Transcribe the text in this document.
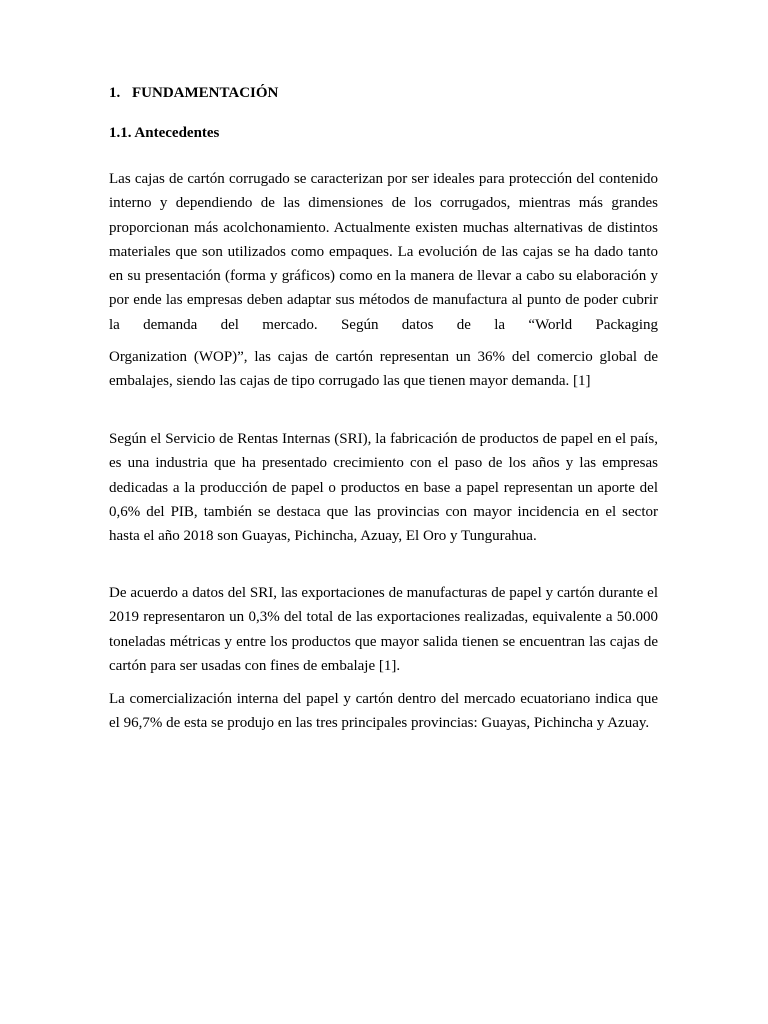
1. FUNDAMENTACIÓN
1.1. Antecedentes

Las cajas de cartón corrugado se caracterizan por ser ideales para protección del contenido interno y dependiendo de las dimensiones de los corrugados, mientras más grandes proporcionan más acolchonamiento. Actualmente existen muchas alternativas de distintos materiales que son utilizados como empaques. La evolución de las cajas se ha dado tanto en su presentación (forma y gráficos) como en la manera de llevar a cabo su elaboración y por ende las empresas deben adaptar sus métodos de manufactura al punto de poder cubrir la demanda del mercado. Según datos de la “World Packaging

Organization (WOP)”, las cajas de cartón representan un 36% del comercio global de embalajes, siendo las cajas de tipo corrugado las que tienen mayor demanda. [1]

Según el Servicio de Rentas Internas (SRI), la fabricación de productos de papel en el país, es una industria que ha presentado crecimiento con el paso de los años y las empresas dedicadas a la producción de papel o productos en base a papel representan un aporte del 0,6% del PIB, también se destaca que las provincias con mayor incidencia en el sector hasta el año 2018 son Guayas, Pichincha, Azuay, El Oro y Tungurahua.

De acuerdo a datos del SRI, las exportaciones de manufacturas de papel y cartón durante el 2019 representaron un 0,3% del total de las exportaciones realizadas, equivalente a 50.000 toneladas métricas y entre los productos que mayor salida tienen se encuentran las cajas de cartón para ser usadas con fines de embalaje [1].

La comercialización interna del papel y cartón dentro del mercado ecuatoriano indica que el 96,7% de esta se produjo en las tres principales provincias: Guayas, Pichincha y Azuay.
